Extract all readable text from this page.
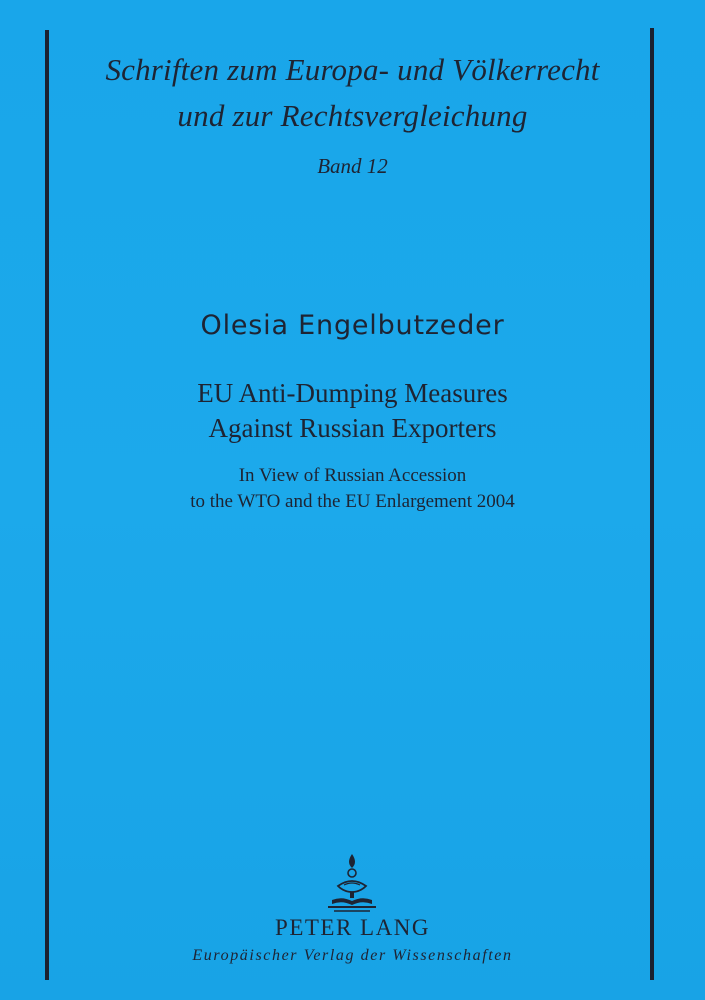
Schriften zum Europa- und Völkerrecht
und zur Rechtsvergleichung
Band 12
Olesia Engelbutzeder
EU Anti-Dumping Measures
Against Russian Exporters
In View of Russian Accession
to the WTO and the EU Enlargement 2004
PETER LANG
Europäischer Verlag der Wissenschaften
